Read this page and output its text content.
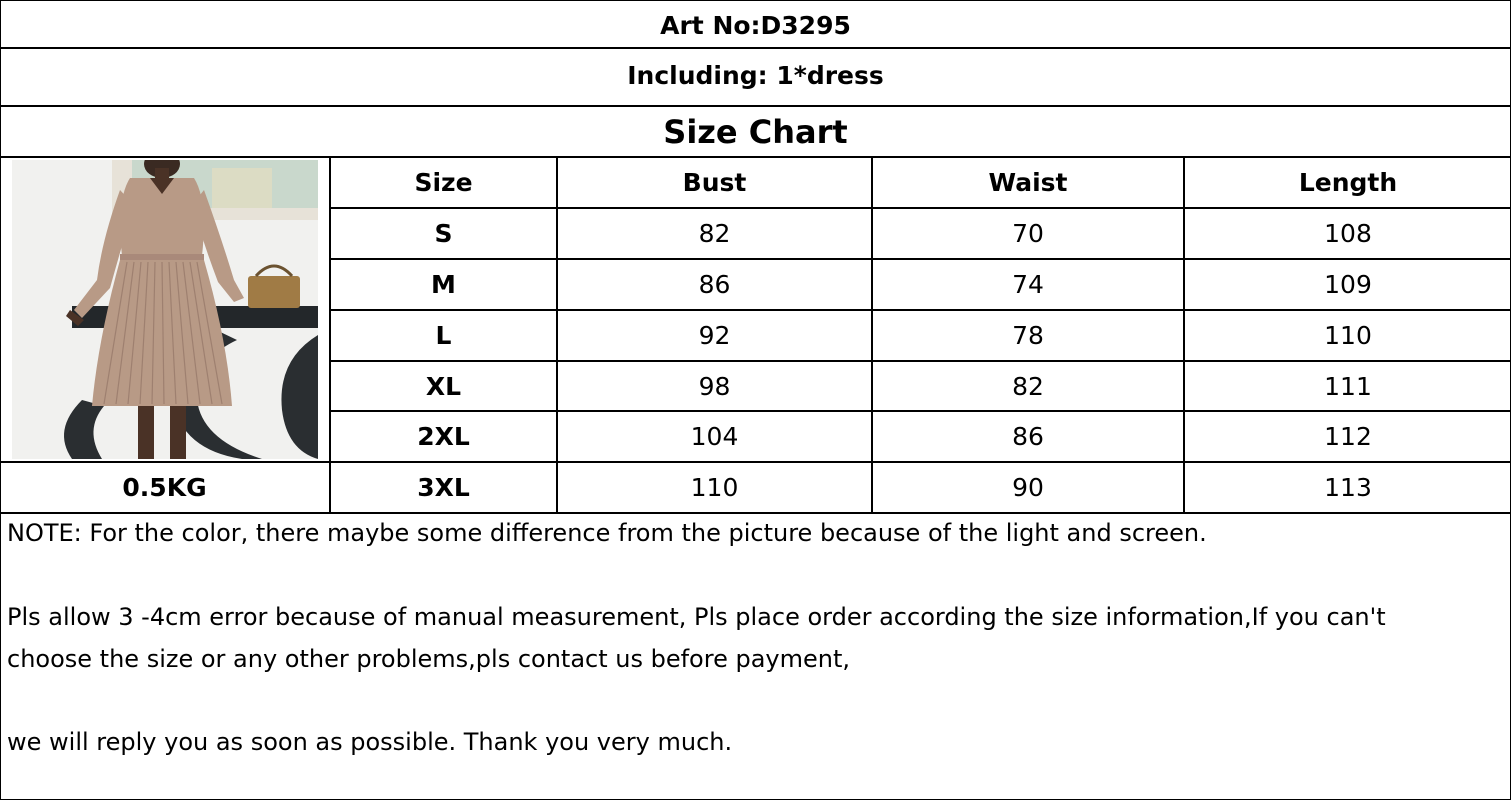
Art No:D3295
Including: 1*dress
Size Chart
0.5KG
Size	Bust	Waist	Length
S	82	70	108
M	86	74	109
L	92	78	110
XL	98	82	111
2XL	104	86	112
3XL	110	90	113
NOTE: For the color, there maybe some difference from the picture because of the light and screen.
Pls allow 3 -4cm error because of manual measurement, Pls place order according the size information,If you can't
choose the size or any other problems,pls contact us before payment,
we will reply you as soon as possible. Thank you very much.
